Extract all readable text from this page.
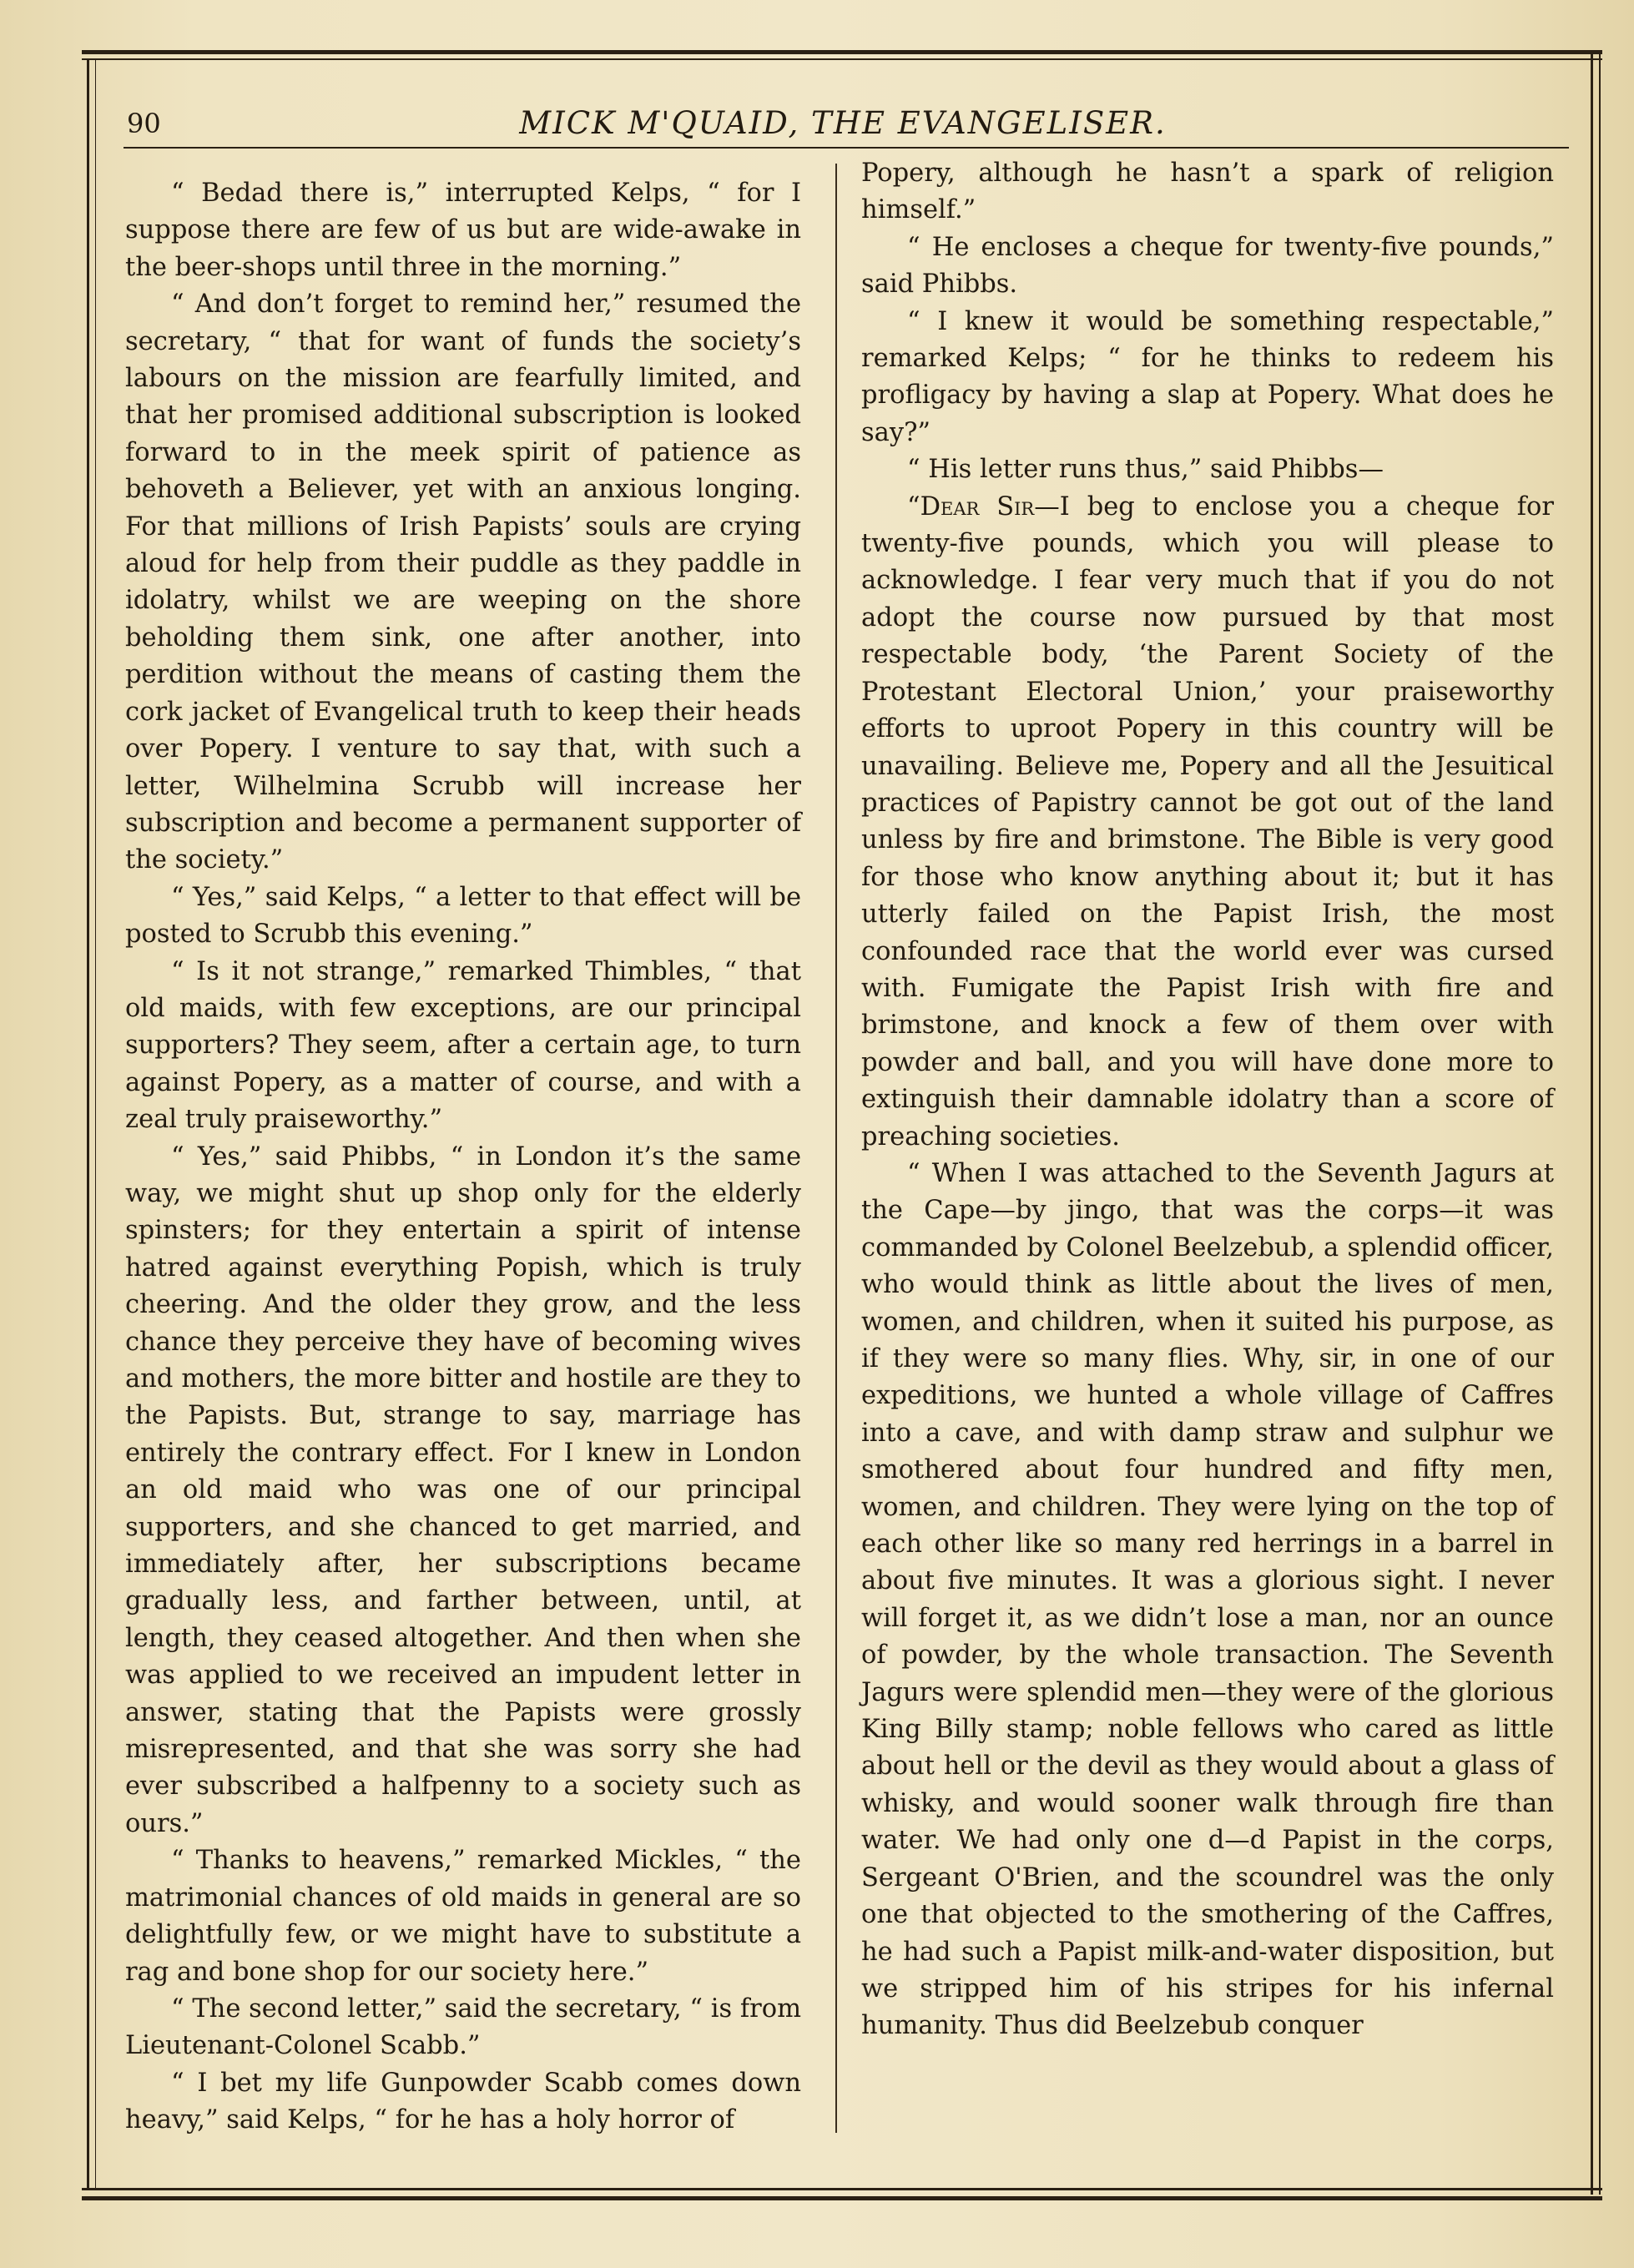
90	MICK M'QUAID, THE EVANGELISER.

“ Bedad there is,” interrupted Kelps, “ for I suppose there are few of us but are wide-awake in the beer-shops until three in the morning.”

“ And don’t forget to remind her,” resumed the secretary, “ that for want of funds the society’s labours on the mission are fearfully limited, and that her promised additional subscription is looked forward to in the meek spirit of patience as behoveth a Believer, yet with an anxious longing. For that millions of Irish Papists’ souls are crying aloud for help from their puddle as they paddle in idolatry, whilst we are weeping on the shore beholding them sink, one after another, into perdition without the means of casting them the cork jacket of Evangelical truth to keep their heads over Popery. I venture to say that, with such a letter, Wilhelmina Scrubb will increase her subscription and become a permanent supporter of the society.”

“ Yes,” said Kelps, “ a letter to that effect will be posted to Scrubb this evening.”

“ Is it not strange,” remarked Thimbles, “ that old maids, with few exceptions, are our principal supporters? They seem, after a certain age, to turn against Popery, as a matter of course, and with a zeal truly praiseworthy.”

“ Yes,” said Phibbs, “ in London it’s the same way, we might shut up shop only for the elderly spinsters; for they entertain a spirit of intense hatred against everything Popish, which is truly cheering. And the older they grow, and the less chance they perceive they have of becoming wives and mothers, the more bitter and hostile are they to the Papists. But, strange to say, marriage has entirely the contrary effect. For I knew in London an old maid who was one of our principal supporters, and she chanced to get married, and immediately after, her subscriptions became gradually less, and farther between, until, at length, they ceased altogether. And then when she was applied to we received an impudent letter in answer, stating that the Papists were grossly misrepresented, and that she was sorry she had ever subscribed a halfpenny to a society such as ours.”

“ Thanks to heavens,” remarked Mickles, “ the matrimonial chances of old maids in general are so delightfully few, or we might have to substitute a rag and bone shop for our society here.”

“ The second letter,” said the secretary, “ is from Lieutenant-Colonel Scabb.”

“ I bet my life Gunpowder Scabb comes down heavy,” said Kelps, “ for he has a holy horror of

Popery, although he hasn’t a spark of religion himself.”

“ He encloses a cheque for twenty-five pounds,” said Phibbs.

“ I knew it would be something respectable,” remarked Kelps; “ for he thinks to redeem his profligacy by having a slap at Popery. What does he say?”

“ His letter runs thus,” said Phibbs—

“Dear Sir—I beg to enclose you a cheque for twenty-five pounds, which you will please to acknowledge. I fear very much that if you do not adopt the course now pursued by that most respectable body, ‘the Parent Society of the Protestant Electoral Union,’ your praiseworthy efforts to uproot Popery in this country will be unavailing. Believe me, Popery and all the Jesuitical practices of Papistry cannot be got out of the land unless by fire and brimstone. The Bible is very good for those who know anything about it; but it has utterly failed on the Papist Irish, the most confounded race that the world ever was cursed with. Fumigate the Papist Irish with fire and brimstone, and knock a few of them over with powder and ball, and you will have done more to extinguish their damnable idolatry than a score of preaching societies.

“ When I was attached to the Seventh Jagurs at the Cape—by jingo, that was the corps—it was commanded by Colonel Beelzebub, a splendid officer, who would think as little about the lives of men, women, and children, when it suited his purpose, as if they were so many flies. Why, sir, in one of our expeditions, we hunted a whole village of Caffres into a cave, and with damp straw and sulphur we smothered about four hundred and fifty men, women, and children. They were lying on the top of each other like so many red herrings in a barrel in about five minutes. It was a glorious sight. I never will forget it, as we didn’t lose a man, nor an ounce of powder, by the whole transaction. The Seventh Jagurs were splendid men—they were of the glorious King Billy stamp; noble fellows who cared as little about hell or the devil as they would about a glass of whisky, and would sooner walk through fire than water. We had only one d—d Papist in the corps, Sergeant O'Brien, and the scoundrel was the only one that objected to the smothering of the Caffres, he had such a Papist milk-and-water disposition, but we stripped him of his stripes for his infernal humanity. Thus did Beelzebub conquer
